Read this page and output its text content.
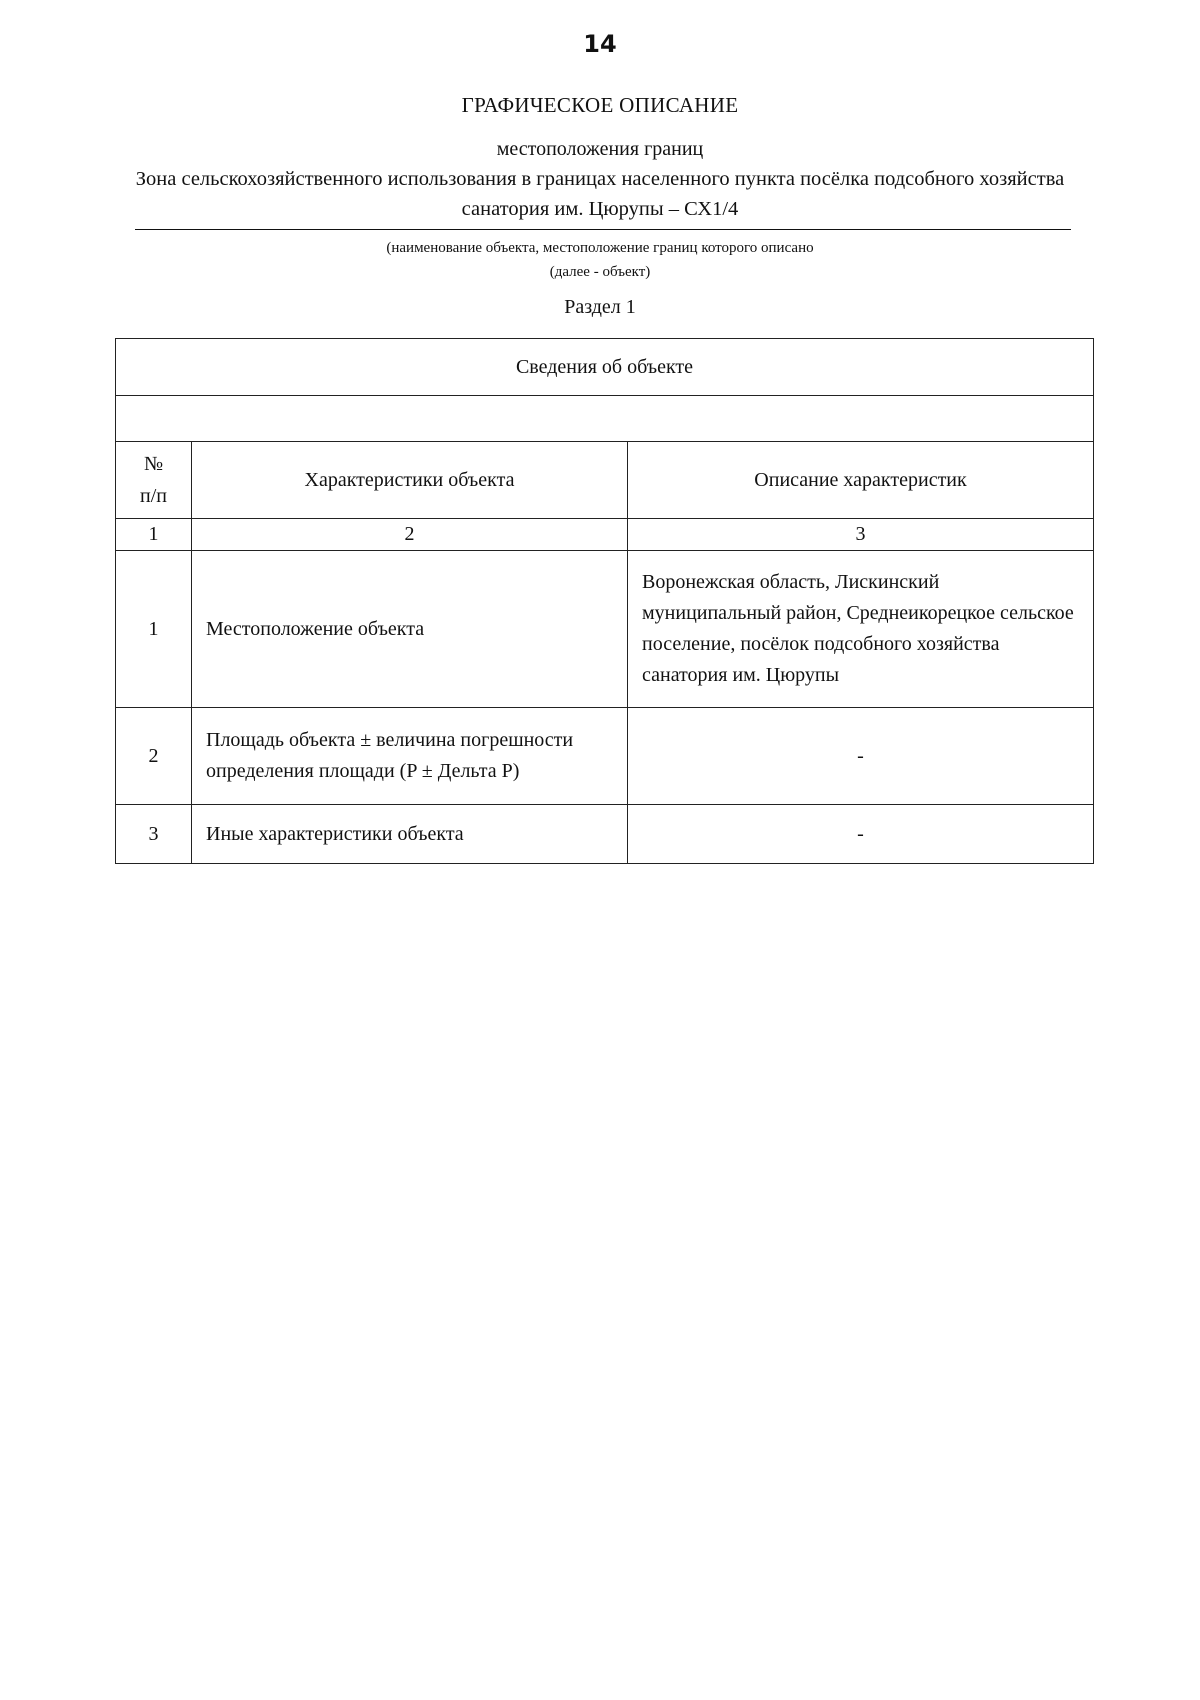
14
ГРАФИЧЕСКОЕ ОПИСАНИЕ
местоположения границ
Зона сельскохозяйственного использования в границах населенного пункта посёлка подсобного хозяйства санатория им. Цюрупы – СХ1/4
(наименование объекта, местоположение границ которого описано
(далее - объект)
Раздел 1
Сведения об объекте		

№
п/п	Характеристики объекта	Описание характеристик
1	2	3
1	Местоположение объекта	Воронежская область, Лискинский муниципальный район, Среднеикорецкое сельское поселение, посёлок подсобного хозяйства санатория им. Цюрупы
2	Площадь объекта ± величина погрешности определения площади (P ± Дельта P)	-
3	Иные характеристики объекта	-
